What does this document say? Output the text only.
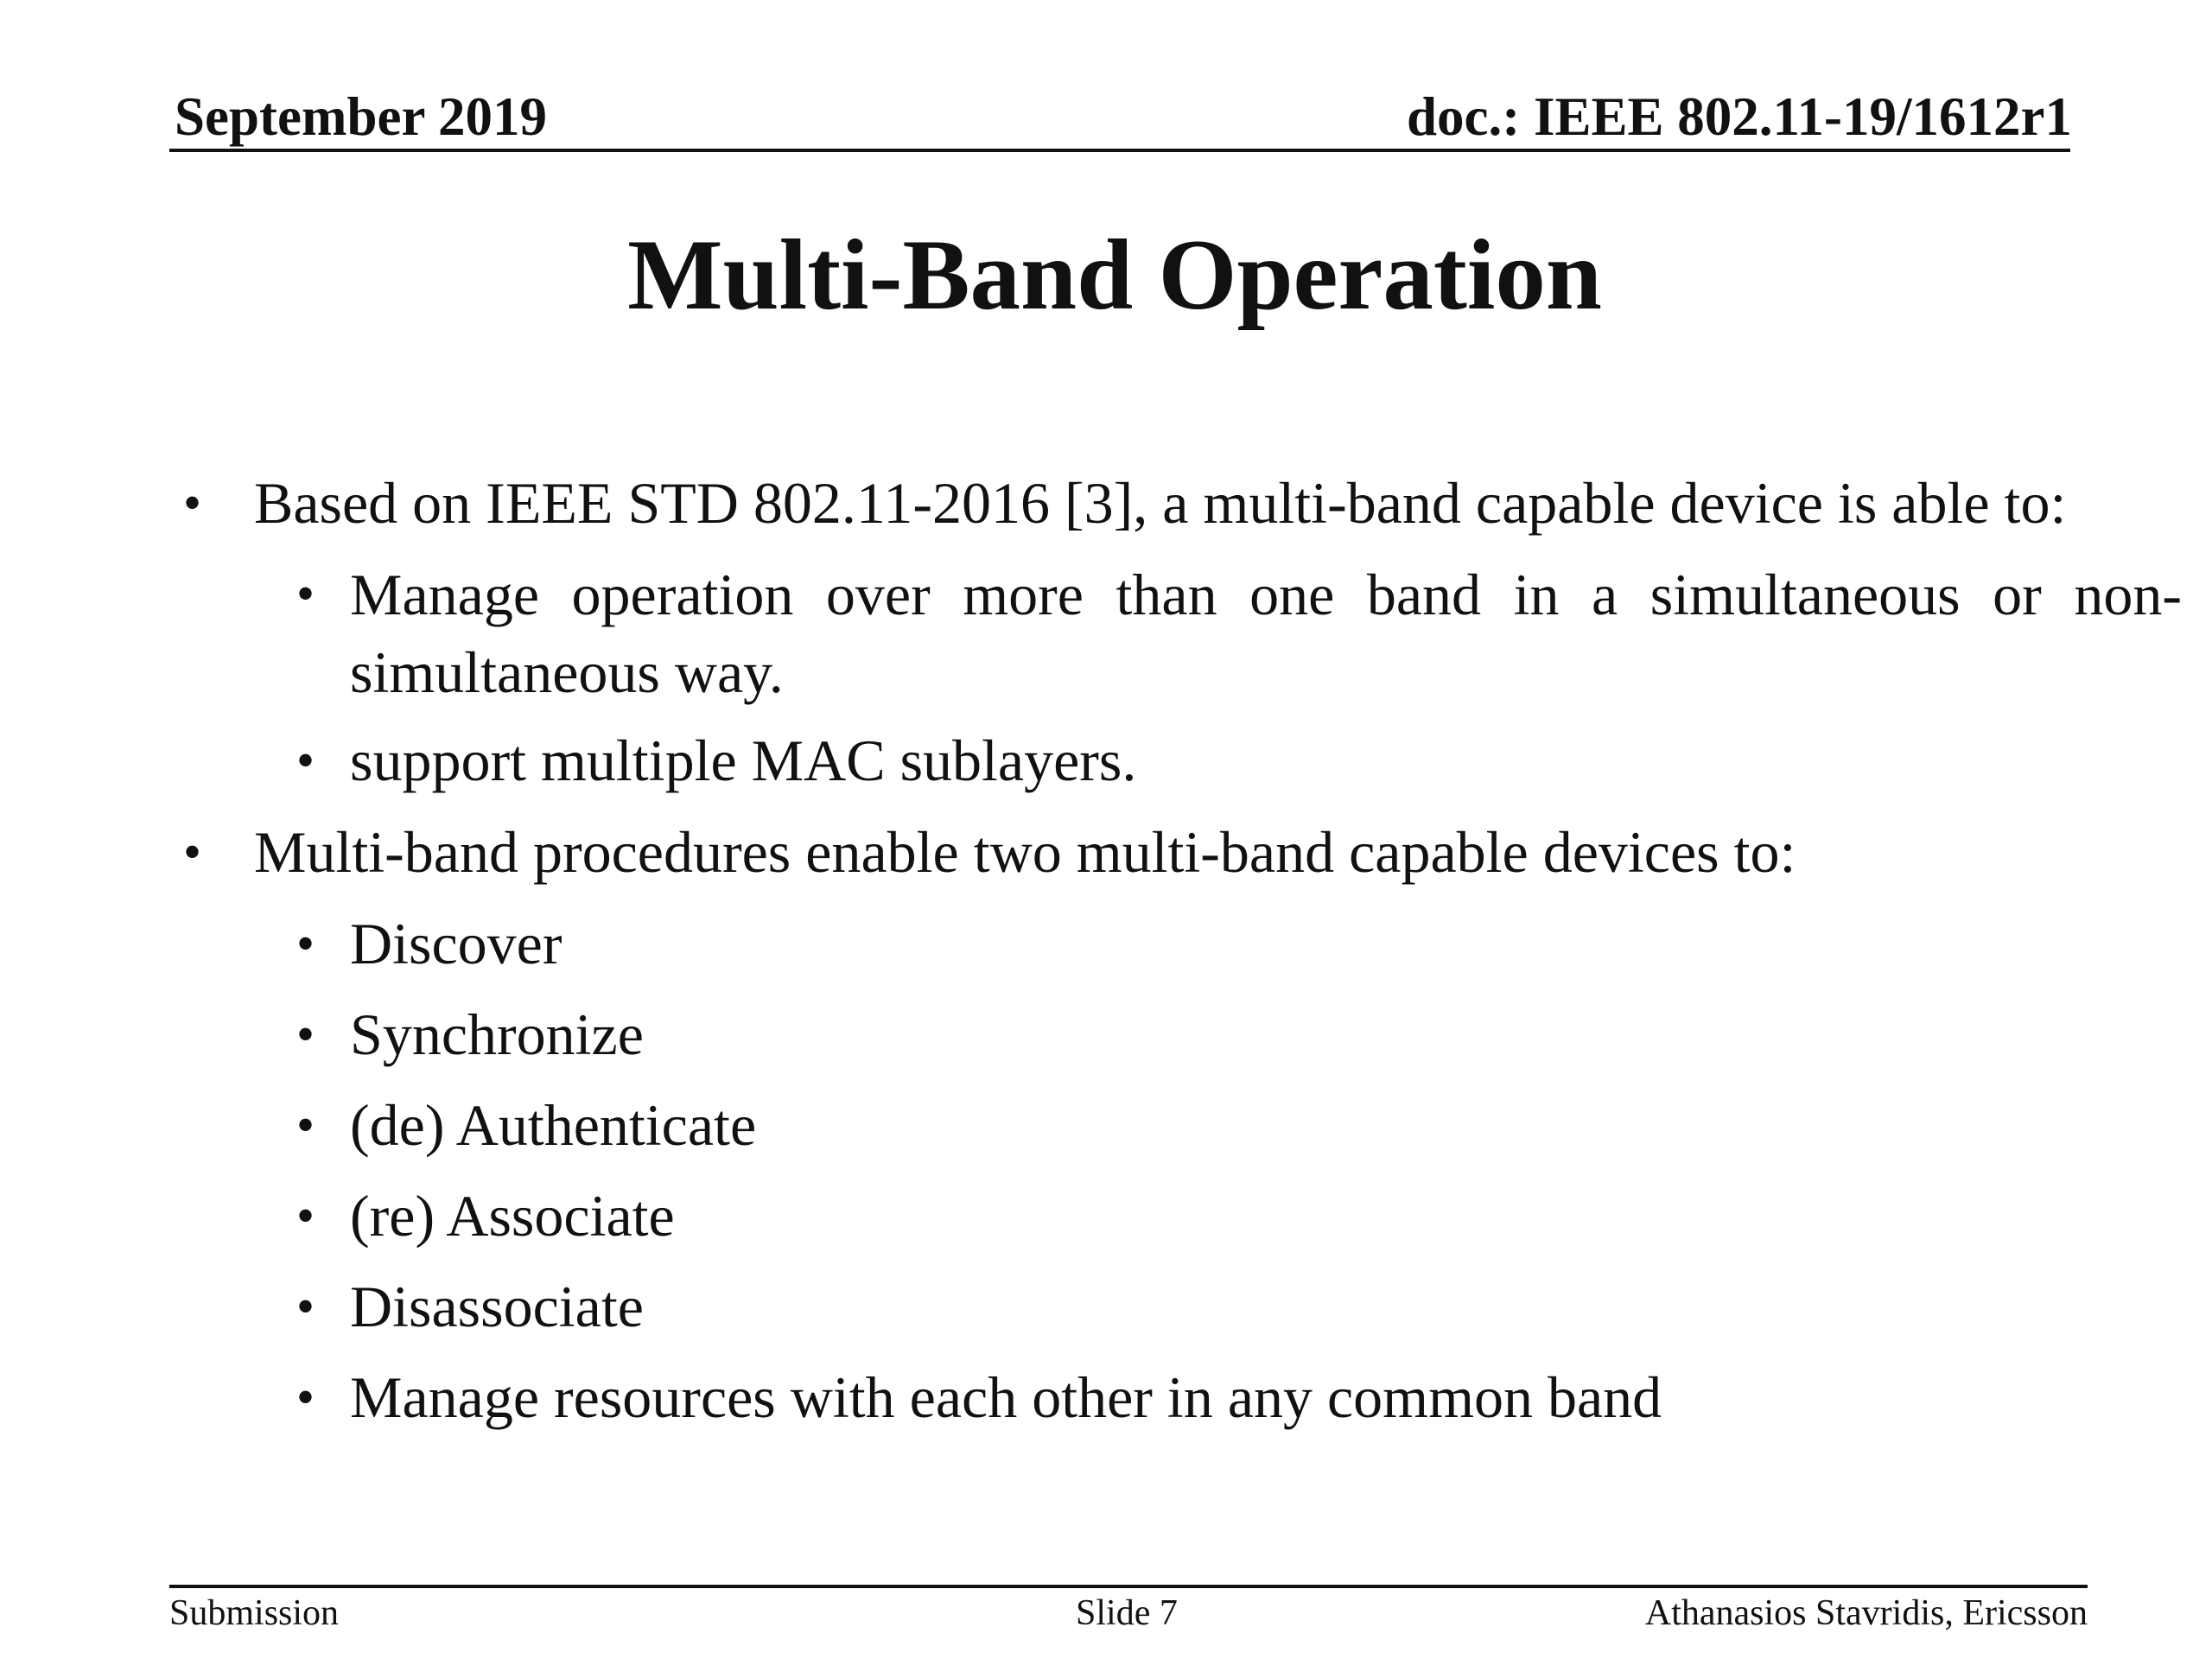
September 2019	doc.: IEEE 802.11-19/1612r1
Multi-Band Operation
• Based on IEEE STD 802.11-2016 [3], a multi-band capable device is able to:
• Manage operation over more than one band in a simultaneous or non-simultaneous way.
• support multiple MAC sublayers.
• Multi-band procedures enable two multi-band capable devices to:
• Discover
• Synchronize
• (de) Authenticate
• (re) Associate
• Disassociate
• Manage resources with each other in any common band
Submission	Slide 7	Athanasios Stavridis, Ericsson
